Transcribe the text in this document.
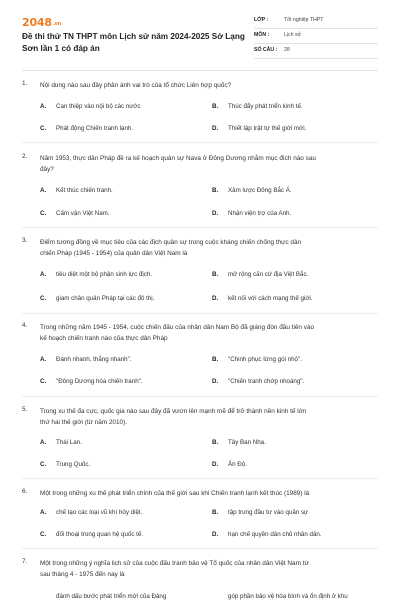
2048.vn
Đề thi thử TN THPT môn Lịch sử năm 2024-2025 Sở Lạng Sơn lần 1 có đáp án
LỚP :	Tốt nghiệp THPT
MÔN :	Lịch sử
SỐ CÂU : 28
1. Nội dung nào sau đây phản ánh vai trò của tổ chức Liên hợp quốc?
A. Can thiệp vào nội bộ các nước	B. Thúc đẩy phát triển kinh tế.
C. Phát động Chiến tranh lạnh.	D. Thiết lập trật tự thế giới mới.
2. Năm 1953, thực dân Pháp đề ra kế hoạch quân sự Nava ở Đông Dương nhằm mục đích nào sau
đây?
A. Kết thúc chiến tranh.	B. Xâm lược Đông Bắc Á.
C. Cấm vận Việt Nam.	D. Nhận viện trợ của Anh.
3. Điểm tương đồng về mục tiêu của các địch quân sự trong cuộc kháng chiến chống thực dân
chiến Pháp (1945 - 1954) của quân dân Việt Nam là
A. tiêu diệt một bộ phận sinh lực địch.	B. mở rộng căn cứ địa Việt Bắc.
C. giam chân quân Pháp tại các đô thị.	D. kết nối với cách mạng thế giới.
4. Trong những năm 1945 - 1954, cuộc chiến đấu của nhân dân Nam Bộ đã giáng đòn đầu tiên vào
kế hoạch chiến tranh nào của thực dân Pháp
A. Đánh nhanh, thắng nhanh".	B. "Chinh phục từng gói nhỏ".
C. "Đông Dương hóa chiến tranh".	D. "Chiến tranh chớp nhoáng".
5. Trong xu thế đa cực, quốc gia nào sau đây đã vươn lên mạnh mẽ để trở thành nền kinh tế lớn
thứ hai thế giới (từ năm 2010).
A. Thái Lan.	B. Tây Ban Nha.
C. Trung Quốc.	D. Ấn Độ.
6. Một trong những xu thế phát triển chính của thế giới sau khi Chiến tranh lạnh kết thúc (1989) là
A. chế tạo các loại vũ khí hủy diệt.	B. tập trung đầu tư vào quân sự
C. đối thoại trong quan hệ quốc tế.	D. hạn chế quyền dân chủ nhân dân.
7. Một trong những ý nghĩa lịch sử của cuộc đấu tranh bảo vệ Tổ quốc của nhân dân Việt Nam từ
sau tháng 4 - 1975 đến nay là
đánh dấu bước phát triển mới của Đảng	góp phần bảo vệ hòa bình và ổn định ở khu
